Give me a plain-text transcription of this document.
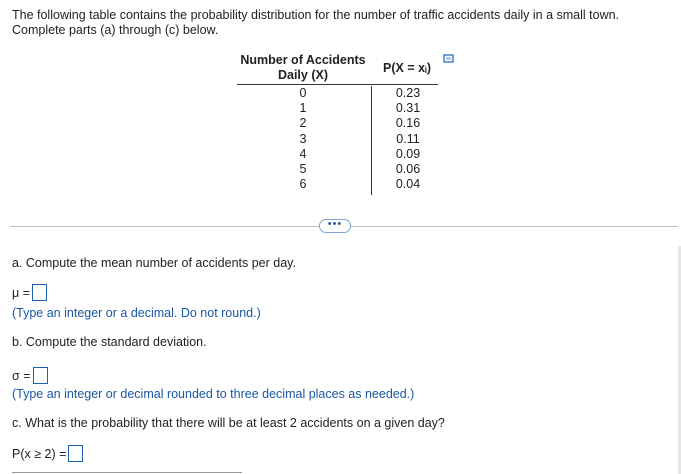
The following table contains the probability distribution for the number of traffic accidents daily in a small town.
Complete parts (a) through (c) below.
Number of Accidents
Daily (X)	P(X = xᵢ)
0
1
2
3
4
5
6
0.23
0.31
0.16
0.11
0.09
0.06
0.04
•••
a. Compute the mean number of accidents per day.
μ =
(Type an integer or a decimal. Do not round.)
b. Compute the standard deviation.
σ =
(Type an integer or decimal rounded to three decimal places as needed.)
c. What is the probability that there will be at least 2 accidents on a given day?
P(x ≥ 2) =
